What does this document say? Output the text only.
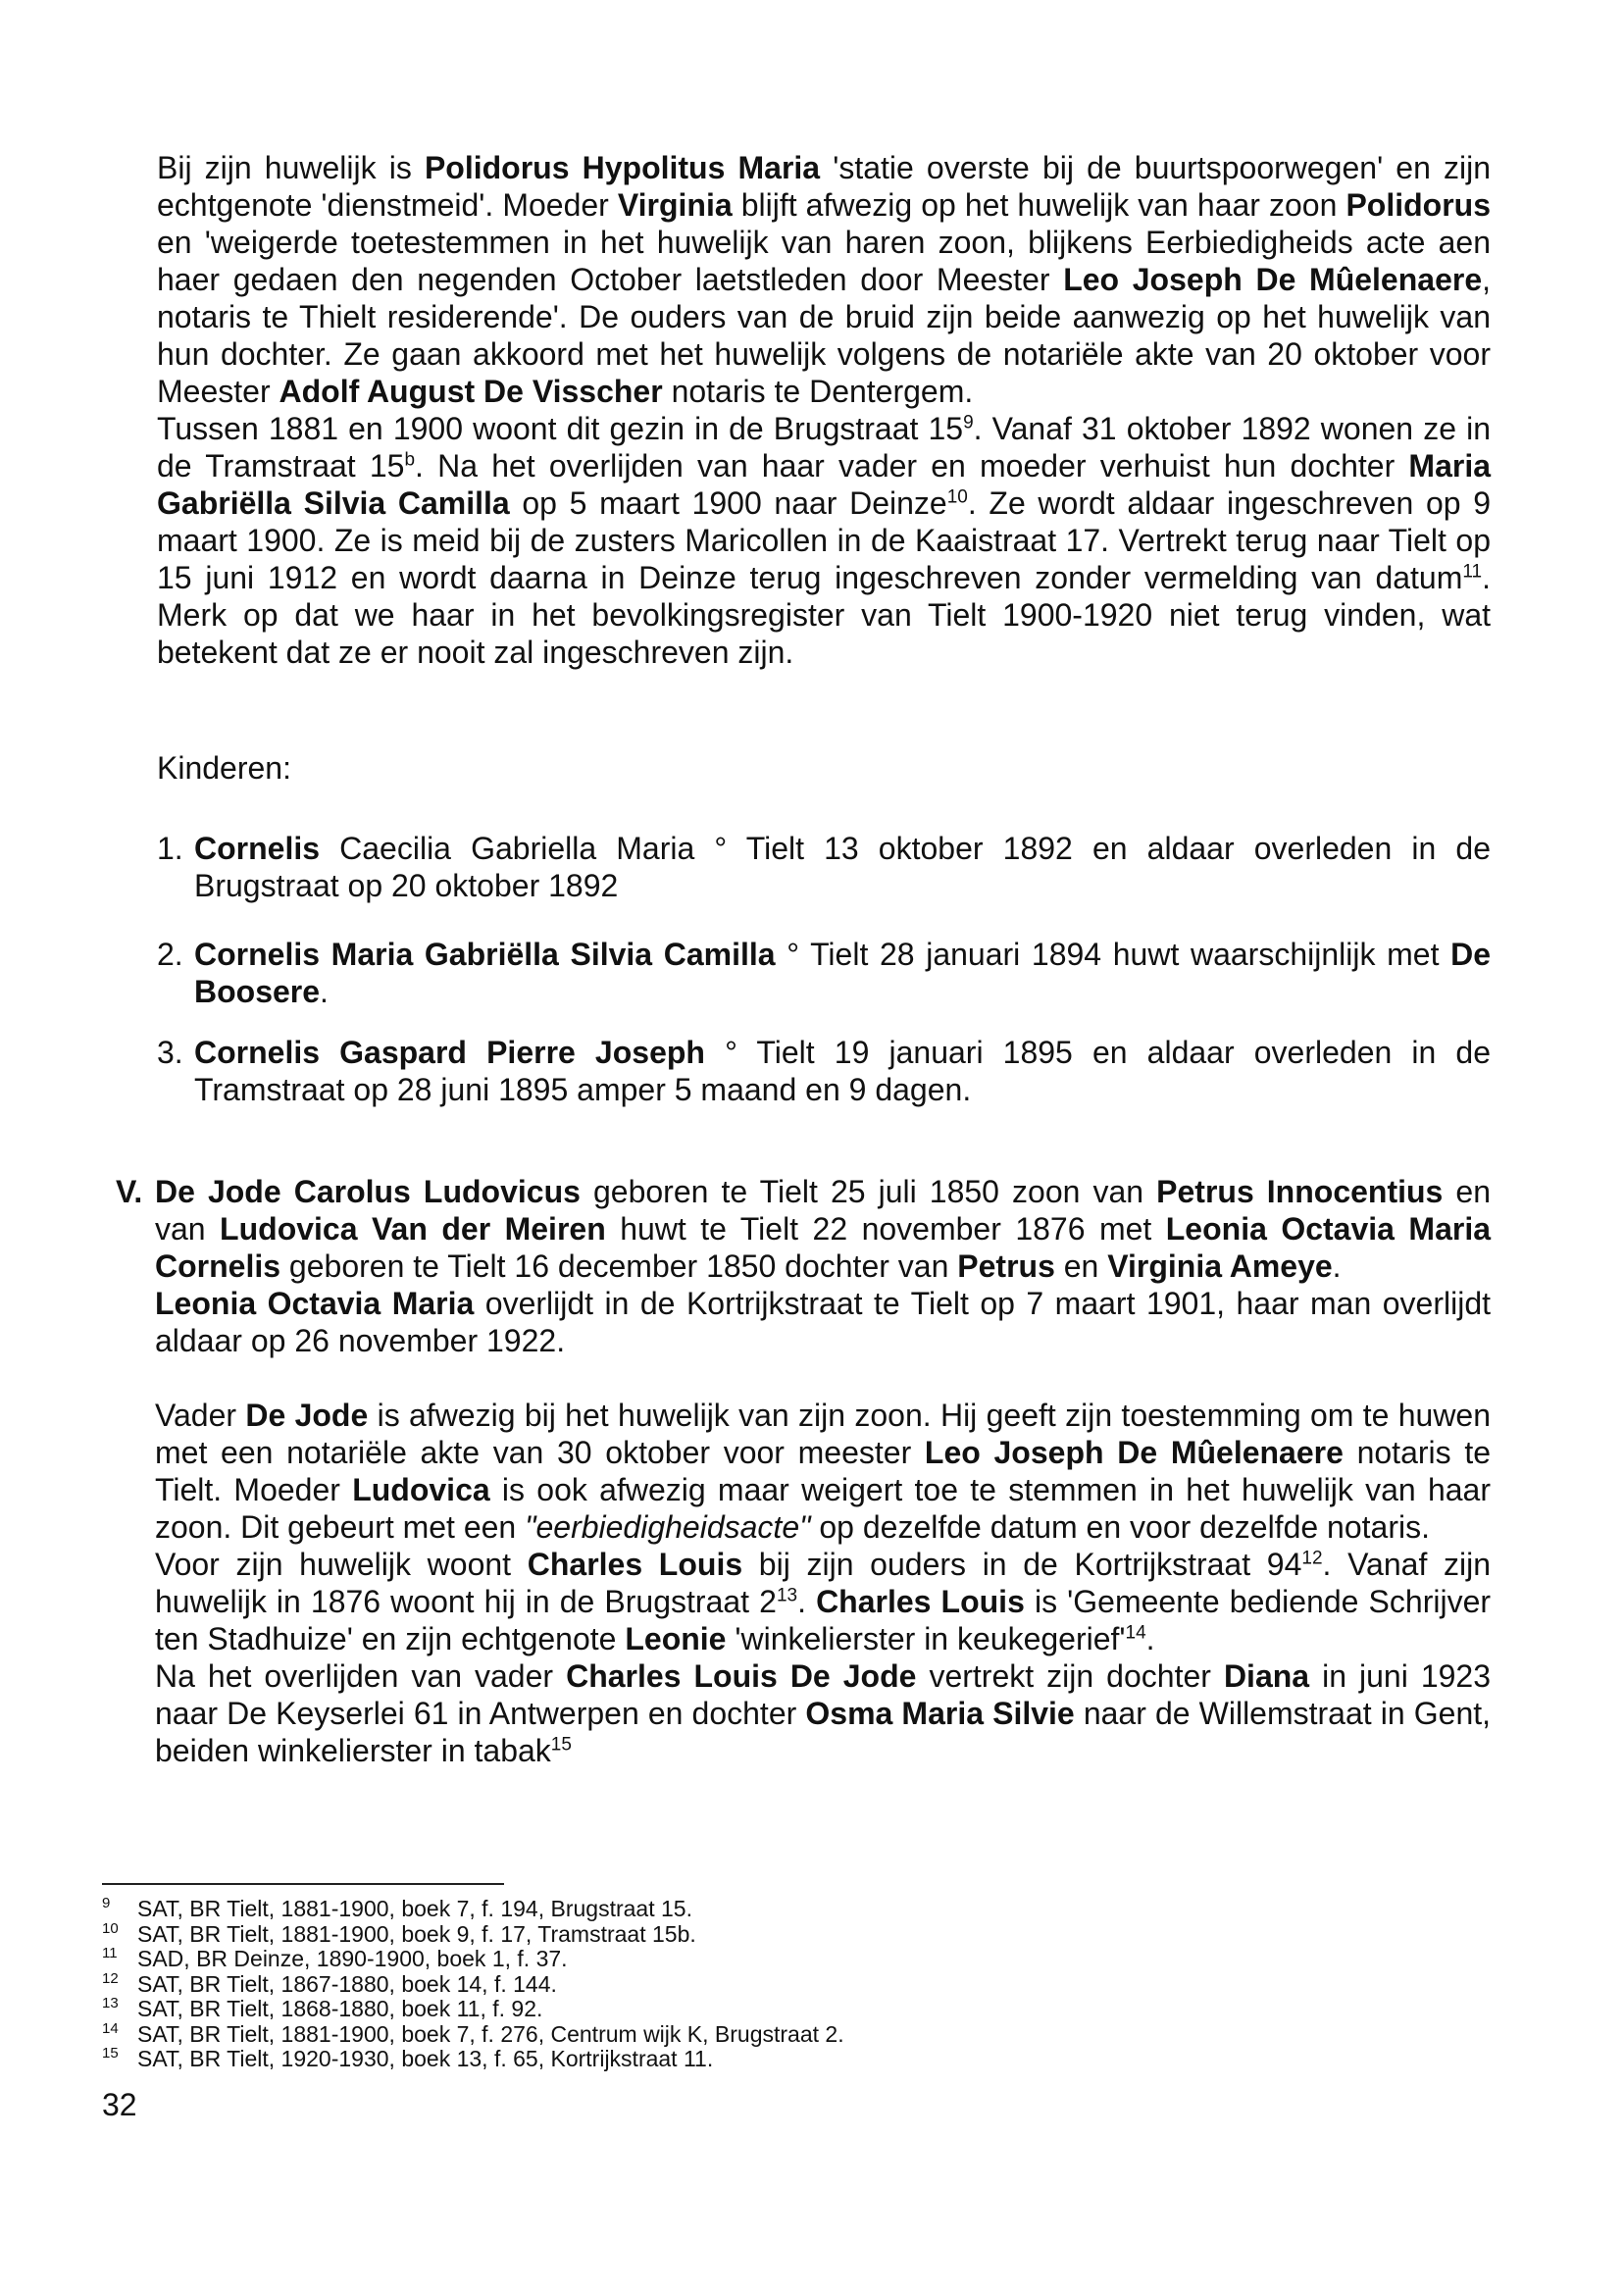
Bij zijn huwelijk is Polidorus Hypolitus Maria 'statie overste bij de buurtspoorwegen' en zijn echtgenote 'dienstmeid'. Moeder Virginia blijft afwezig op het huwelijk van haar zoon Polidorus en 'weigerde toetestemmen in het huwelijk van haren zoon, blijkens Eerbiedigheids acte aen haer gedaen den negenden October laetstleden door Meester Leo Joseph De Mûelenaere, notaris te Thielt residerende'. De ouders van de bruid zijn beide aanwezig op het huwelijk van hun dochter. Ze gaan akkoord met het huwelijk volgens de notariële akte van 20 oktober voor Meester Adolf August De Visscher notaris te Dentergem.

Tussen 1881 en 1900 woont dit gezin in de Brugstraat $15^9$. Vanaf 31 oktober 1892 wonen ze in de Tramstraat 15$^b$. Na het overlijden van haar vader en moeder verhuist hun dochter Maria Gabriëlla Silvia Camilla op 5 maart 1900 naar Deinze$^{10}$. Ze wordt aldaar ingeschreven op 9 maart 1900. Ze is meid bij de zusters Maricollen in de Kaaistraat 17. Vertrekt terug naar Tielt op 15 juni 1912 en wordt daarna in Deinze terug ingeschreven zonder vermelding van datum$^{11}$. Merk op dat we haar in het bevolkingsregister van Tielt 1900-1920 niet terug vinden, wat betekent dat ze er nooit zal ingeschreven zijn.

Kinderen:
1. Cornelis Caecilia Gabriella Maria ° Tielt 13 oktober 1892 en aldaar overleden in de Brugstraat op 20 oktober 1892
2. Cornelis Maria Gabriëlla Silvia Camilla ° Tielt 28 januari 1894 huwt waarschijnlijk met De Boosere.
3. Cornelis Gaspard Pierre Joseph ° Tielt 19 januari 1895 en aldaar overleden in de Tramstraat op 28 juni 1895 amper 5 maand en 9 dagen.
V. De Jode Carolus Ludovicus geboren te Tielt 25 juli 1850 zoon van Petrus Innocentius en van Ludovica Van der Meiren huwt te Tielt 22 november 1876 met Leonia Octavia Maria Cornelis geboren te Tielt 16 december 1850 dochter van Petrus en Virginia Ameye.

Leonia Octavia Maria overlijdt in de Kortrijkstraat te Tielt op 7 maart 1901, haar man overlijdt aldaar op 26 november 1922.

Vader De Jode is afwezig bij het huwelijk van zijn zoon. Hij geeft zijn toestemming om te huwen met een notariële akte van 30 oktober voor meester Leo Joseph De Mûelenaere notaris te Tielt. Moeder Ludovica is ook afwezig maar weigert toe te stemmen in het huwelijk van haar zoon. Dit gebeurt met een "eerbiedigheidsacte" op dezelfde datum en voor dezelfde notaris.

Voor zijn huwelijk woont Charles Louis bij zijn ouders in de Kortrijkstraat $94^{12}$. Vanaf zijn huwelijk in 1876 woont hij in de Brugstraat $2^{13}$. Charles Louis is 'Gemeente bediende Schrijver ten Stadhuize' en zijn echtgenote Leonie 'winkelierster in $keukegerief'^{14}$.

Na het overlijden van vader Charles Louis De Jode vertrekt zijn dochter Diana in juni 1923 naar De Keyserlei 61 in Antwerpen en dochter Osma Maria Silvie naar de Willemstraat in Gent, beiden winkelierster in tabak$^{15}$

9 SAT, BR Tielt, 1881-1900, boek 7, f. 194, Brugstraat 15.
10 SAT, BR Tielt, 1881-1900, boek 9, f. 17, Tramstraat 15b.
11 SAD, BR Deinze, 1890-1900, boek 1, f. 37.
12 SAT, BR Tielt, 1867-1880, boek 14, f. 144.
13 SAT, BR Tielt, 1868-1880, boek 11, f. 92.
14 SAT, BR Tielt, 1881-1900, boek 7, f. 276, Centrum wijk K, Brugstraat 2.
15 SAT, BR Tielt, 1920-1930, boek 13, f. 65, Kortrijkstraat 11.
32
